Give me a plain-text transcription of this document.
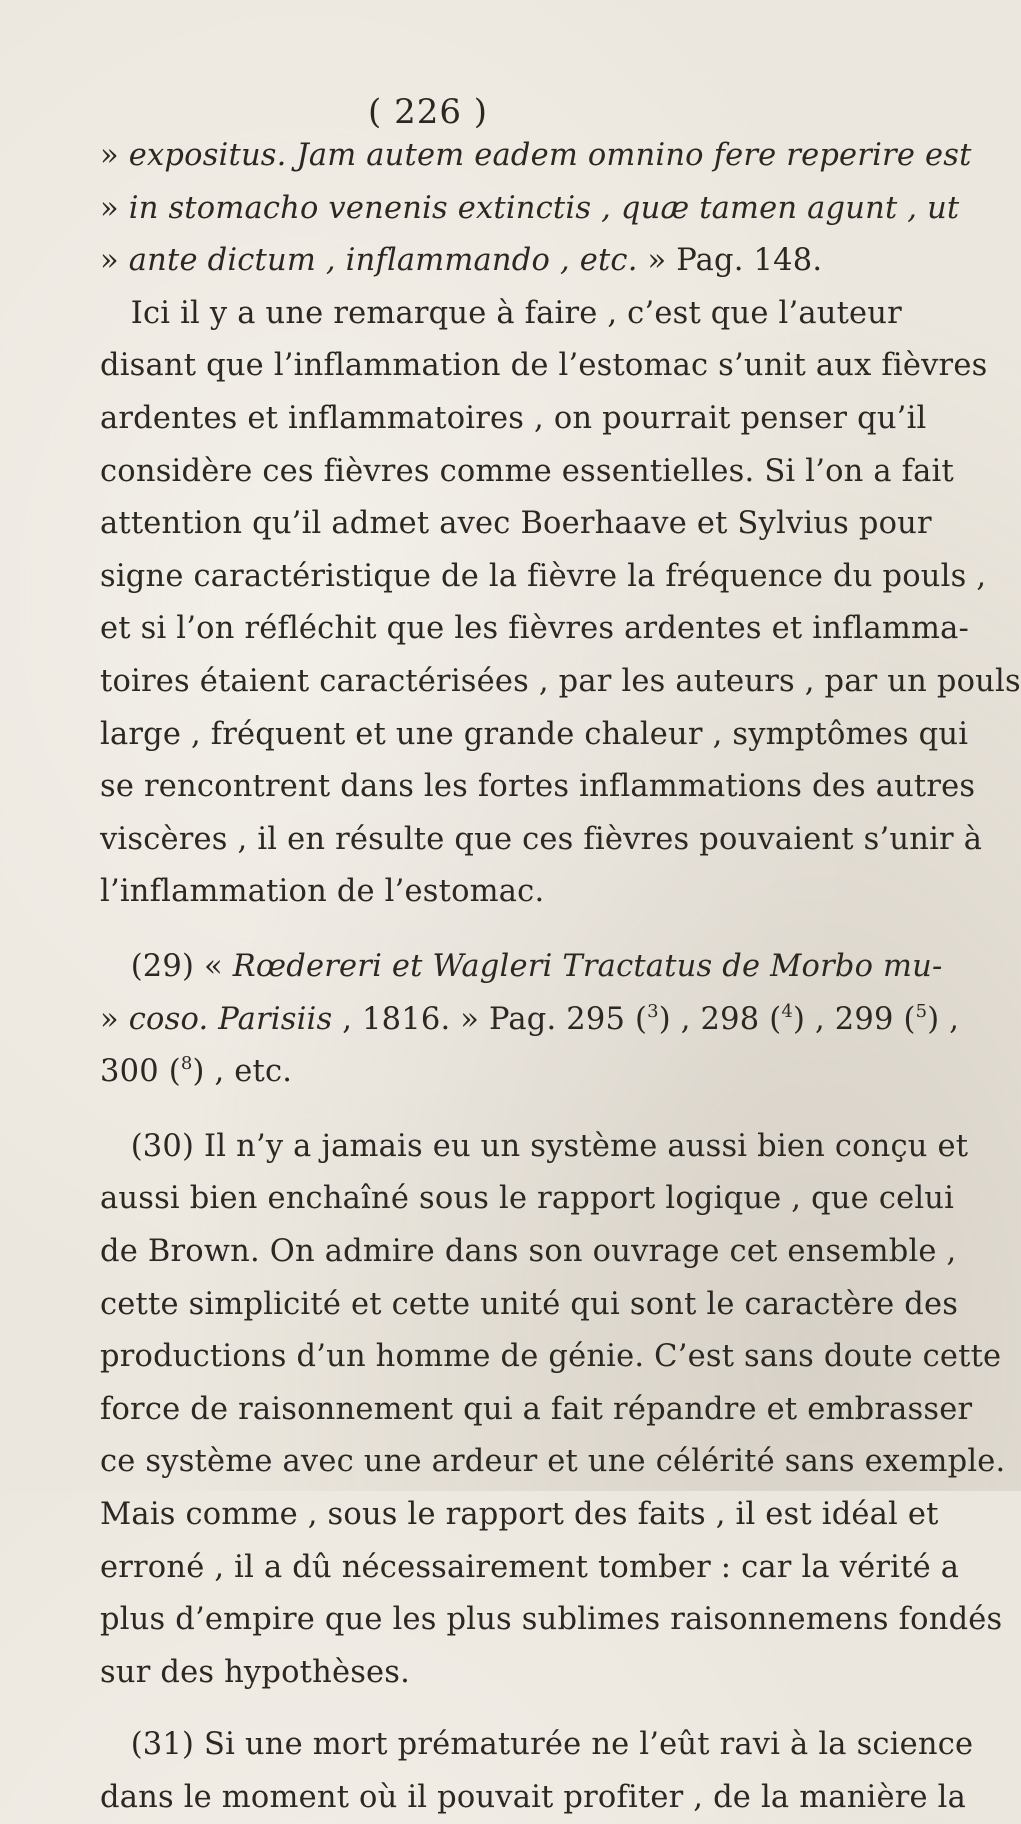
( 226 )
» expositus. Jam autem eadem omnino fere reperire est
» in stomacho venenis extinctis , quæ tamen agunt , ut
» ante dictum , inflammando , etc. » Pag. 148.
 Ici il y a une remarque à faire , c’est que l’auteur
disant que l’inflammation de l’estomac s’unit aux fièvres
ardentes et inflammatoires , on pourrait penser qu’il
considère ces fièvres comme essentielles. Si l’on a fait
attention qu’il admet avec Boerhaave et Sylvius pour
signe caractéristique de la fièvre la fréquence du pouls ,
et si l’on réfléchit que les fièvres ardentes et inflamma-
toires étaient caractérisées , par les auteurs , par un pouls
large , fréquent et une grande chaleur , symptômes qui
se rencontrent dans les fortes inflammations des autres
viscères , il en résulte que ces fièvres pouvaient s’unir à
l’inflammation de l’estomac.
 (29) « Rœdereri et Wagleri Tractatus de Morbo mu-
» coso. Parisiis , 1816. » Pag. 295 ($^3$) , 298 ($^4$) , 299 ($^5$) ,
300 ($^8$) , etc.
 (30) Il n’y a jamais eu un système aussi bien conçu et
aussi bien enchaîné sous le rapport logique , que celui
de Brown. On admire dans son ouvrage cet ensemble ,
cette simplicité et cette unité qui sont le caractère des
productions d’un homme de génie. C’est sans doute cette
force de raisonnement qui a fait répandre et embrasser
ce système avec une ardeur et une célérité sans exemple.
Mais comme , sous le rapport des faits , il est idéal et
erroné , il a dû nécessairement tomber : car la vérité a
plus d’empire que les plus sublimes raisonnemens fondés
sur des hypothèses.
 (31) Si une mort prématurée ne l’eût ravi à la science
dans le moment où il pouvait profiter , de la manière la
